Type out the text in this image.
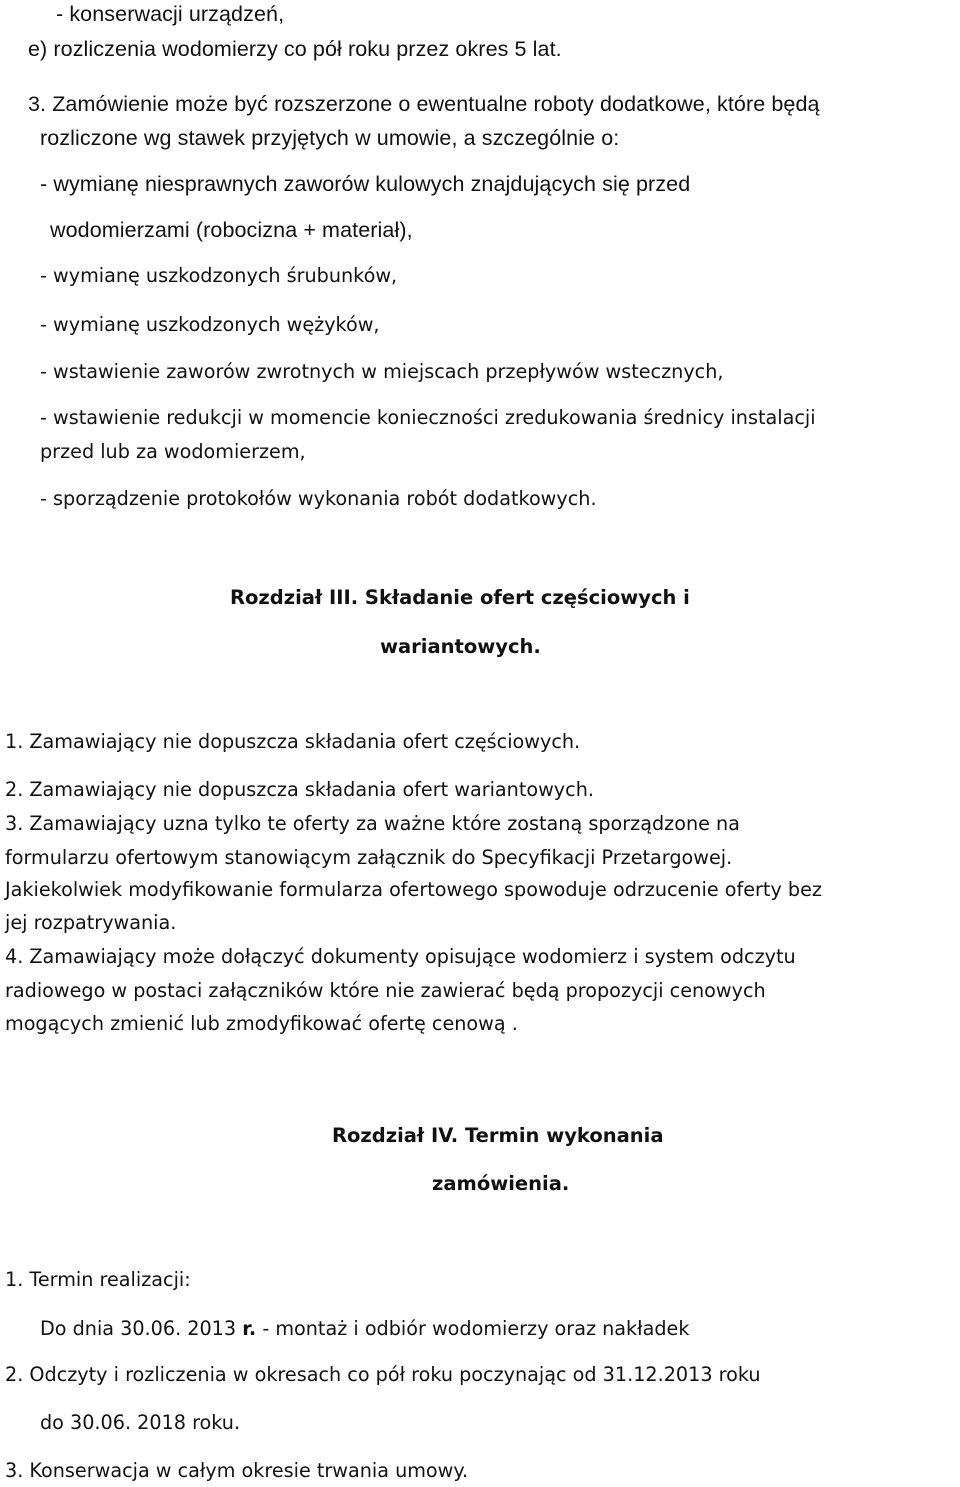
- konserwacji urządzeń,
e) rozliczenia wodomierzy co pół roku przez okres 5 lat.
3. Zamówienie może być rozszerzone o ewentualne roboty dodatkowe, które będą
rozliczone wg stawek przyjętych w umowie, a szczególnie o:
- wymianę niesprawnych zaworów kulowych znajdujących się przed
wodomierzami (robocizna + materiał),
- wymianę uszkodzonych śrubunków,
- wymianę uszkodzonych wężyków,
- wstawienie zaworów zwrotnych w miejscach przepływów wstecznych,
- wstawienie redukcji w momencie konieczności zredukowania średnicy instalacji
przed lub za wodomierzem,
- sporządzenie protokołów wykonania robót dodatkowych.
Rozdział III. Składanie ofert częściowych i
wariantowych.
1. Zamawiający nie dopuszcza składania ofert częściowych.
2. Zamawiający nie dopuszcza składania ofert wariantowych.
3. Zamawiający uzna tylko te oferty za ważne które zostaną sporządzone na
formularzu ofertowym stanowiącym załącznik do Specyfikacji Przetargowej.
Jakiekolwiek modyfikowanie formularza ofertowego spowoduje odrzucenie oferty bez
jej rozpatrywania.
4. Zamawiający może dołączyć dokumenty opisujące wodomierz i system odczytu
radiowego w postaci załączników które nie zawierać będą propozycji cenowych
mogących zmienić lub zmodyfikować ofertę cenową .
Rozdział IV. Termin wykonania
zamówienia.
1. Termin realizacji:
Do dnia 30.06. 2013 r. - montaż i odbiór wodomierzy oraz nakładek
2. Odczyty i rozliczenia w okresach co pół roku poczynając od 31.12.2013 roku
do 30.06. 2018 roku.
3. Konserwacja w całym okresie trwania umowy.
